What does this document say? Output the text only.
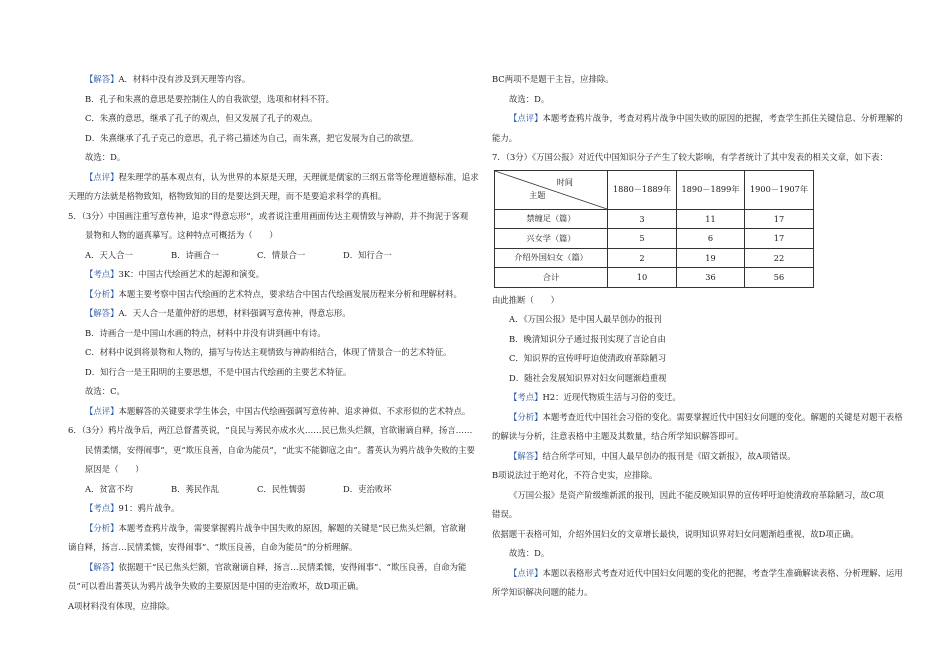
【解答】A．材料中没有涉及到天理等内容。
B．孔子和朱熹的意思是要控制住人的自我欲望，选项和材料不符。
C．朱熹的意思，继承了孔子的观点，但又发展了孔子的观点。
D．朱熹继承了孔子克己的意思，孔子将己描述为自己，而朱熹，把它发展为自己的欲望。
故选：D。
【点评】程朱理学的基本观点有，认为世界的本原是天理，天理就是儒家的三纲五常等伦理道德标准，追求
天理的方法就是格物致知，格物致知的目的是要达到天理，而不是要追求科学的真相。
5．（3分）中国画注重写意传神，追求“得意忘形”，或者说注重用画面传达主观情致与神韵，并不拘泥于客观
景物和人物的逼真摹写。这种特点可概括为（　　）
A．天人合一	B．诗画合一	C．情景合一	D．知行合一
【考点】3K：中国古代绘画艺术的起源和演变。
【分析】本题主要考察中国古代绘画的艺术特点，要求结合中国古代绘画发展历程来分析和理解材料。
【解答】A．天人合一是董仲舒的思想，材料强调写意传神，得意忘形。
B．诗画合一是中国山水画的特点，材料中并没有讲到画中有诗。
C．材料中说到将景物和人物的，描写与传达主观情致与神韵相结合，体现了情景合一的艺术特征。
D．知行合一是王阳明的主要思想，不是中国古代绘画的主要艺术特征。
故选：C。
【点评】本题解答的关键要求学生体会，中国古代绘画强调写意传神、追求神似、不求形似的艺术特点。
6．（3分）鸦片战争后，两江总督耆英说，“良民与莠民亦成水火……民已焦头烂额，官欲谢谪自释，扬言……
民情柔懦，安得闹事”，更“欺压良善，自命为能员”，“此实不能御寇之由”。耆英认为鸦片战争失败的主要
原因是（　　）
A．贫富不均	B．莠民作乱	C．民性懦弱	D．吏治败坏
【考点】91：鸦片战争。
【分析】本题考查鸦片战争，需要掌握鸦片战争中国失败的原因，解题的关键是“民已焦头烂额，官欲谢
谪自释，扬言…民情柔懦，安得闹事”、“欺压良善，自命为能员”的分析理解。
【解答】依据题干“民已焦头烂额，官欲谢谪自释，扬言…民情柔懦，安得闹事”、“欺压良善，自命为能
员”可以看出耆英认为鸦片战争失败的主要原因是中国的吏治败坏，故D项正确。
A项材料没有体现，应排除。
BC两项不是题干主旨，应排除。
故选：D。
【点评】本题考查鸦片战争，考查对鸦片战争中国失败的原因的把握，考查学生抓住关键信息、分析理解的
能力。
7．（3分）《万国公报》对近代中国知识分子产生了较大影响，有学者统计了其中发表的相关文章，如下表：
时间
主题	1880－1889年	1890－1899年	1900－1907年
禁缠足（篇）	3	11	17
兴女学（篇）	5	6	17
介绍外国妇女（篇）	2	19	22
合计	10	36	56
由此推断（　　）
A．《万国公报》是中国人最早创办的报刊
B．晚清知识分子通过报刊实现了言论自由
C．知识界的宣传呼吁迫使清政府革除陋习
D．随社会发展知识界对妇女问题渐趋重视
【考点】H2：近现代物质生活与习俗的变迁。
【分析】本题考查近代中国社会习俗的变化。需要掌握近代中国妇女问题的变化。解题的关键是对题干表格
的解读与分析，注意表格中主题及其数量，结合所学知识解答即可。
【解答】结合所学可知，中国人最早创办的报刊是《昭文新报》，故A项错误。
B项说法过于绝对化，不符合史实，应排除。
《万国公报》是资产阶级维新派的报刊，因此不能反映知识界的宣传呼吁迫使清政府革除陋习，故C项
错误。
依据题干表格可知，介绍外国妇女的文章增长最快，说明知识界对妇女问题渐趋重视，故D项正确。
故选：D。
【点评】本题以表格形式考查对近代中国妇女问题的变化的把握，考查学生准确解读表格、分析理解、运用
所学知识解决问题的能力。
